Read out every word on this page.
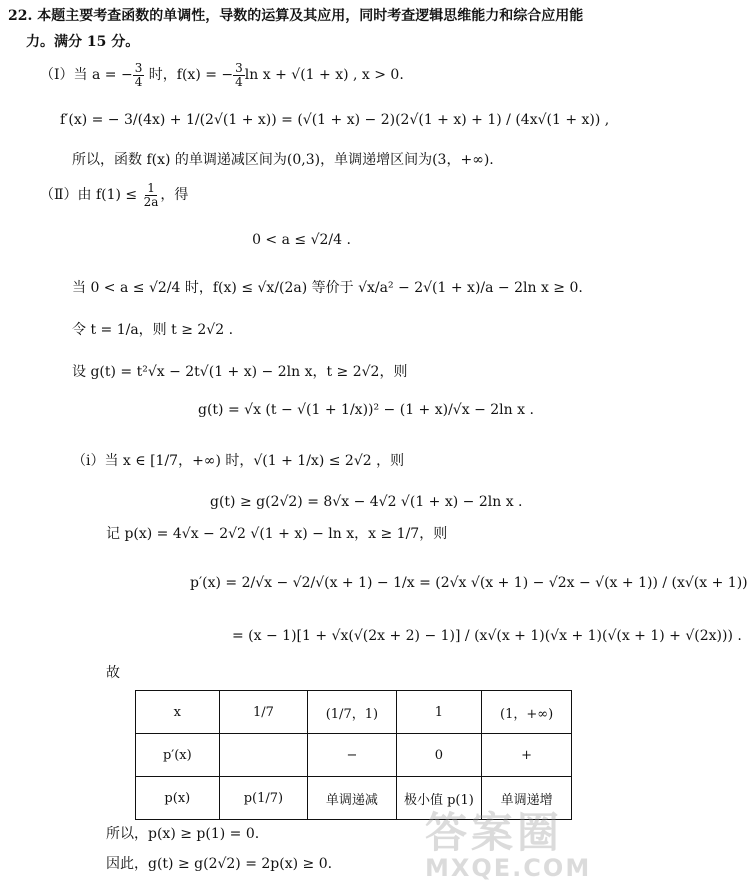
22. 本题主要考查函数的单调性，导数的运算及其应用，同时考查逻辑思维能力和综合应用能
力。满分 15 分。
（Ⅰ）当 a = − $\frac{3}{4}$ 时，f(x) = − $\frac{3}{4}$ ln x + √(1 + x) , x > 0.
f′(x) = − 3/(4x) + 1/(2√(1 + x)) = (√(1 + x) − 2)(2√(1 + x) + 1) / (4x√(1 + x)) ,
所以，函数 f(x) 的单调递减区间为(0,3)，单调递增区间为(3，+∞).
（Ⅱ）由 $f(1) \le \frac{1}{2a}$ ，得
0 < a ≤ √2/4 .
当 0 < a ≤ √2/4 时，f(x) ≤ √x/(2a) 等价于 √x/a² − 2√(1 + x)/a − 2ln x ≥ 0.
令 t = 1/a，则 t ≥ 2√2 .
设 g(t) = t²√x − 2t√(1 + x) − 2ln x，t ≥ 2√2，则
g(t) = √x (t − √(1 + 1/x))² − (1 + x)/√x − 2ln x .
（ⅰ）当 x ∈ [1/7，+∞) 时，√(1 + 1/x) ≤ 2√2 ，则
g(t) ≥ g(2√2) = 8√x − 4√2 √(1 + x) − 2ln x .
记 p(x) = 4√x − 2√2 √(1 + x) − ln x，x ≥ 1/7，则
p′(x) = 2/√x − √2/√(x + 1) − 1/x = (2√x √(x + 1) − √2x − √(x + 1)) / (x√(x + 1))
= (x − 1)[1 + √x(√(2x + 2) − 1)] / (x√(x + 1)(√x + 1)(√(x + 1) + √(2x))) .
故
x	1/7	(1/7，1)	1	(1，+∞)
p′(x)		−	0	+
p(x)	p(1/7)	单调递减	极小值 p(1)	单调递增
所以，p(x) ≥ p(1) = 0.
因此，g(t) ≥ g(2√2) = 2p(x) ≥ 0.
答案圈
MXQE.COM
